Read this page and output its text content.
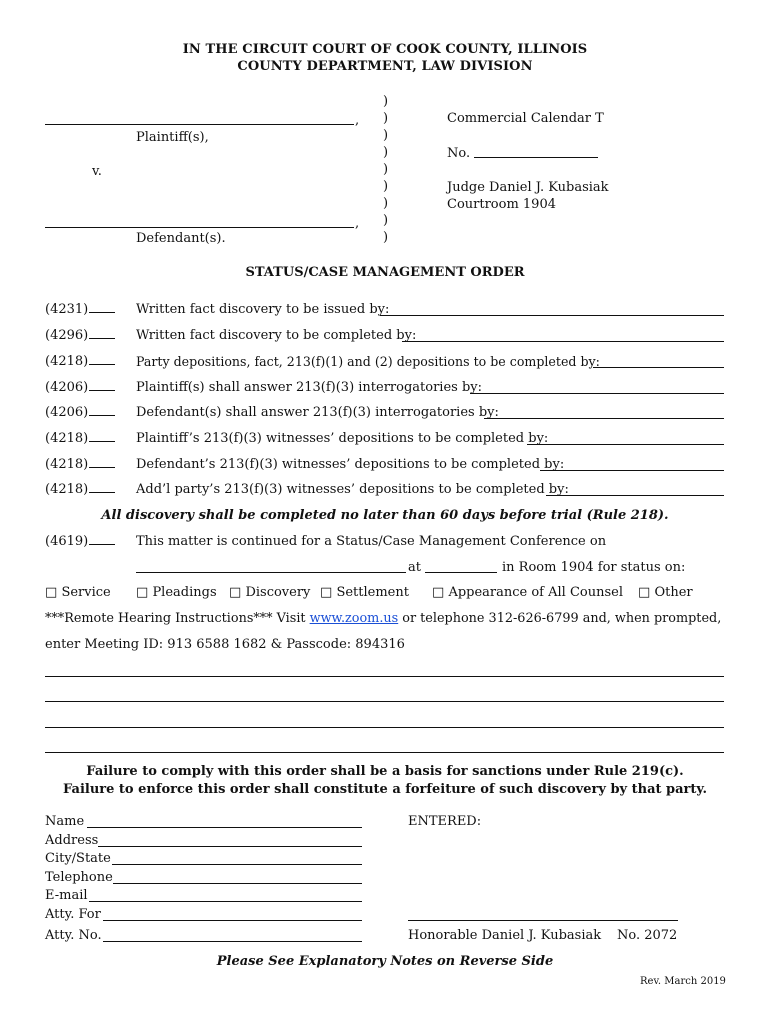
IN THE CIRCUIT COURT OF COOK COUNTY, ILLINOIS
COUNTY DEPARTMENT, LAW DIVISION
)
)
)
)
)
)
)
)
)
,
Plaintiff(s),
v.
,
Defendant(s).
Commercial Calendar T
No.
Judge Daniel J. Kubasiak
Courtroom 1904
STATUS/CASE MANAGEMENT ORDER
(4231)	Written fact discovery to be issued by:
(4296)	Written fact discovery to be completed by:
(4218)	Party depositions, fact, 213(f)(1) and (2) depositions to be completed by:
(4206)	Plaintiff(s) shall answer 213(f)(3) interrogatories by:
(4206)	Defendant(s) shall answer 213(f)(3) interrogatories by:
(4218)	Plaintiff’s 213(f)(3) witnesses’ depositions to be completed by:
(4218)	Defendant’s 213(f)(3) witnesses’ depositions to be completed by:
(4218)	Add’l party’s 213(f)(3) witnesses’ depositions to be completed by:
All discovery shall be completed no later than 60 days before trial (Rule 218).
(4619)	This matter is continued for a Status/Case Management Conference on
at	in Room 1904 for status on:
□ Service □ Pleadings □ Discovery □ Settlement □ Appearance of All Counsel □ Other
***Remote Hearing Instructions*** Visit www.zoom.us or telephone 312-626-6799 and, when prompted,
enter Meeting ID: 913 6588 1682 & Passcode: 894316
Failure to comply with this order shall be a basis for sanctions under Rule 219(c).
Failure to enforce this order shall constitute a forfeiture of such discovery by that party.
Name
Address
City/State
Telephone
E-mail
Atty. For
Atty. No.
ENTERED:
Honorable Daniel J. Kubasiak No. 2072
Please See Explanatory Notes on Reverse Side
Rev. March 2019
